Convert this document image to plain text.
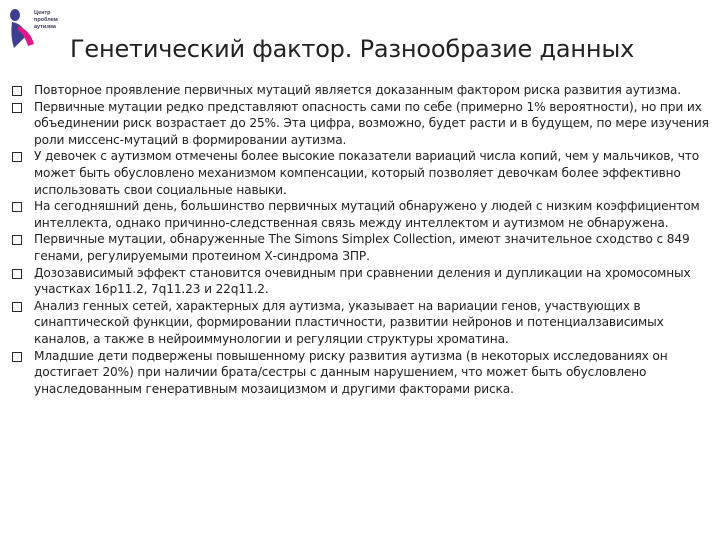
Центр
проблем
аутизма
Генетический фактор. Разнообразие данных
Повторное проявление первичных мутаций является доказанным фактором риска развития аутизма.
Первичные мутации редко представляют опасность сами по себе (примерно 1% вероятности), но при их объединении риск возрастает до 25%. Эта цифра, возможно, будет расти и в будущем, по мере изучения роли миссенс-мутаций в формировании аутизма.
У девочек с аутизмом отмечены более высокие показатели вариаций числа копий, чем у мальчиков, что может быть обусловлено механизмом компенсации, который позволяет девочкам более эффективно использовать свои социальные навыки.
На сегодняшний день, большинство первичных мутаций обнаружено у людей с низким коэффициентом интеллекта, однако причинно-следственная связь между интеллектом и аутизмом не обнаружена.
Первичные мутации, обнаруженные The Simons Simplex Collection, имеют значительное сходство с 849 генами, регулируемыми протеином Х-синдрома ЗПР.
Дозозависимый эффект становится очевидным при сравнении деления и дупликации на хромосомных участках 16р11.2, 7q11.23 и 22q11.2.
Анализ генных сетей, характерных для аутизма, указывает на вариации генов, участвующих в синаптической функции, формировании пластичности, развитии нейронов и потенциалзависимых каналов, а также в нейроиммунологии и регуляции структуры хроматина.
Младшие дети подвержены повышенному риску развития аутизма (в некоторых исследованиях он достигает 20%) при наличии брата/сестры с данным нарушением, что может быть обусловлено унаследованным генеративным мозаицизмом и другими факторами риска.
